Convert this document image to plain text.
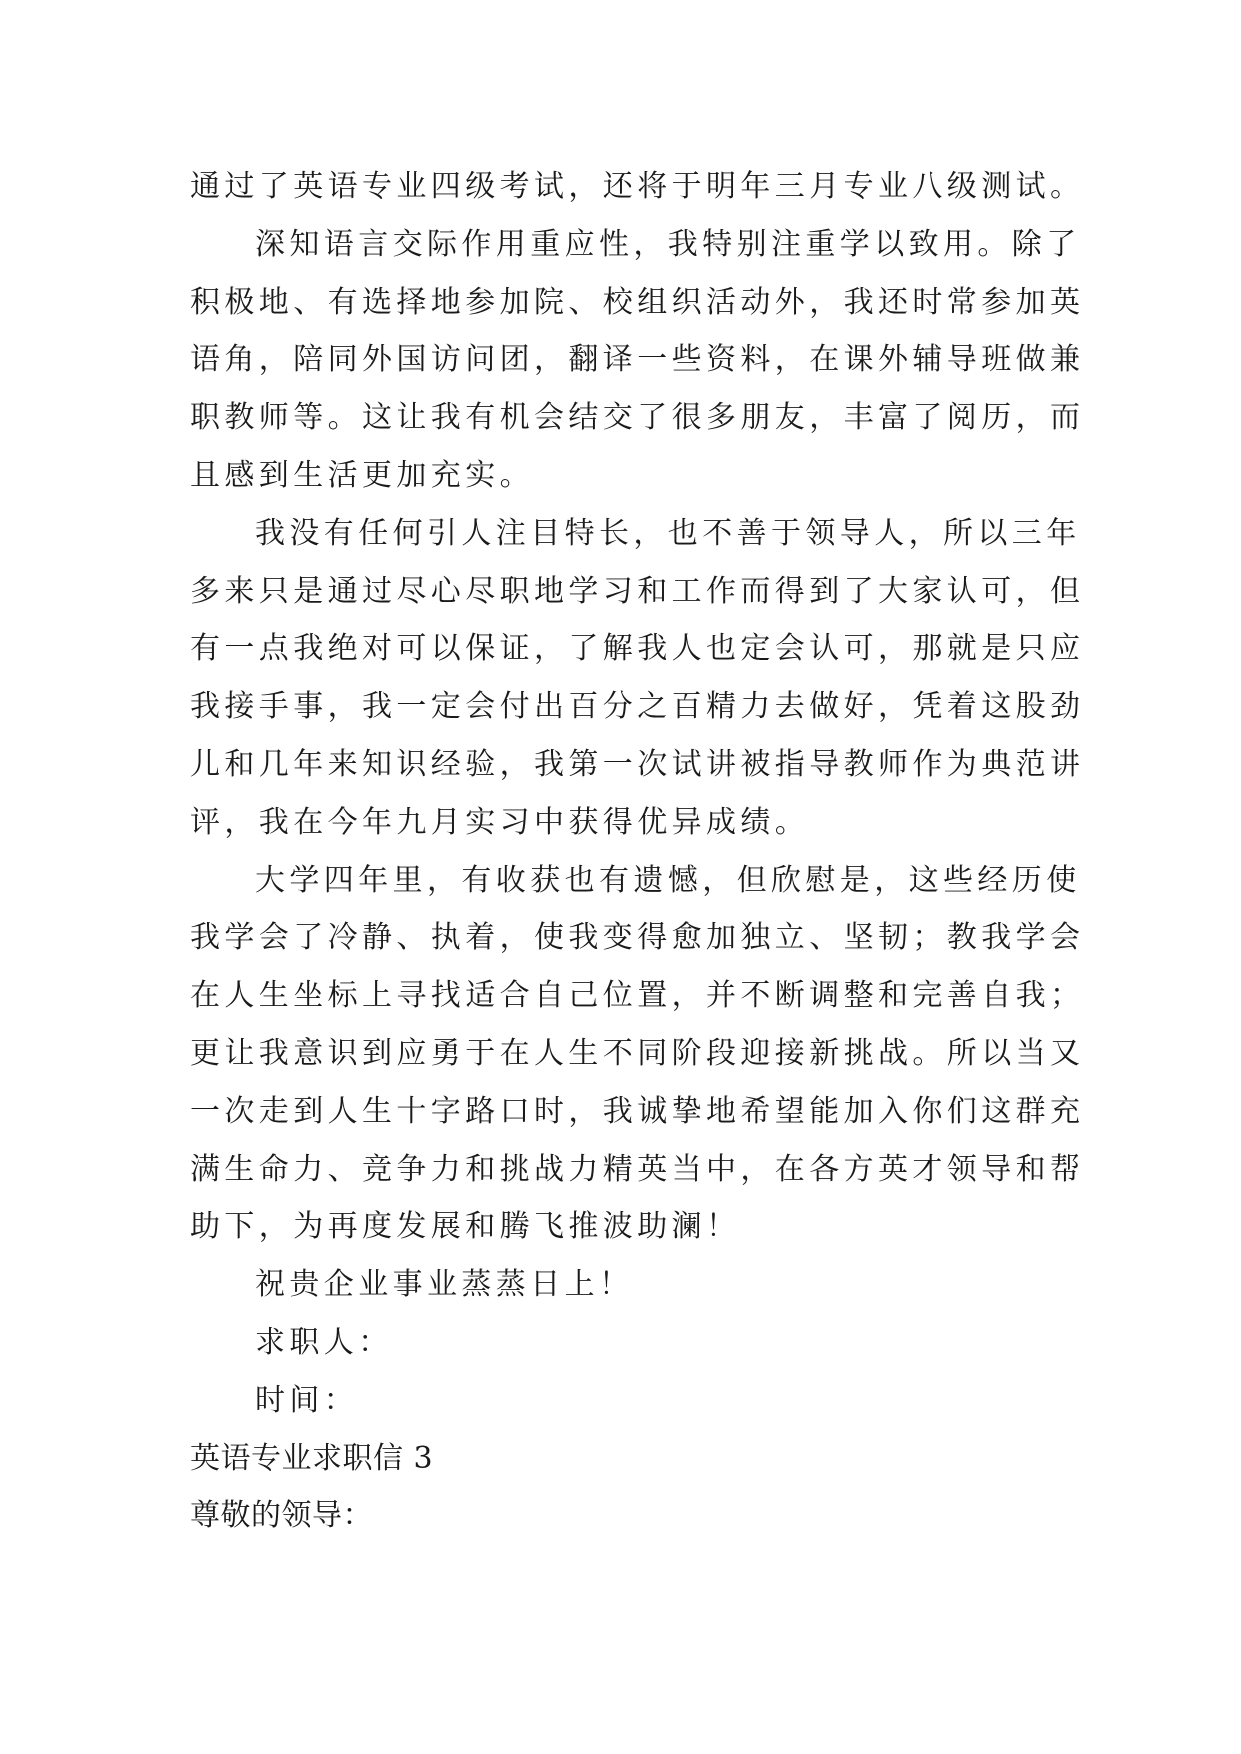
通过了英语专业四级考试，还将于明年三月专业八级测试。
深知语言交际作用重应性，我特别注重学以致用。除了
积极地、有选择地参加院、校组织活动外，我还时常参加英
语角，陪同外国访问团，翻译一些资料，在课外辅导班做兼
职教师等。这让我有机会结交了很多朋友，丰富了阅历，而
且感到生活更加充实。
我没有任何引人注目特长，也不善于领导人，所以三年
多来只是通过尽心尽职地学习和工作而得到了大家认可，但
有一点我绝对可以保证，了解我人也定会认可，那就是只应
我接手事，我一定会付出百分之百精力去做好，凭着这股劲
儿和几年来知识经验，我第一次试讲被指导教师作为典范讲
评，我在今年九月实习中获得优异成绩。
大学四年里，有收获也有遗憾，但欣慰是，这些经历使
我学会了冷静、执着，使我变得愈加独立、坚韧；教我学会
在人生坐标上寻找适合自己位置，并不断调整和完善自我；
更让我意识到应勇于在人生不同阶段迎接新挑战。所以当又
一次走到人生十字路口时，我诚挚地希望能加入你们这群充
满生命力、竞争力和挑战力精英当中，在各方英才领导和帮
助下，为再度发展和腾飞推波助澜！
祝贵企业事业蒸蒸日上！
求职人：
时间：
英语专业求职信 3
尊敬的领导：
